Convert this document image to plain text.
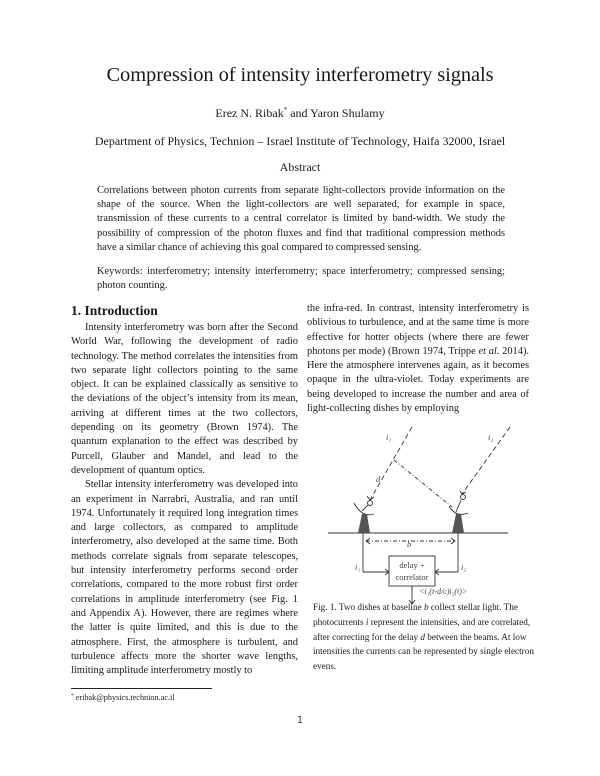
Compression of intensity interferometry signals
Erez N. Ribak* and Yaron Shulamy
Department of Physics, Technion – Israel Institute of Technology, Haifa 32000, Israel
Abstract
Correlations between photon currents from separate light-collectors provide information on the shape of the source. When the light-collectors are well separated, for example in space, transmission of these currents to a central correlator is limited by band-width. We study the possibility of compression of the photon fluxes and find that traditional compression methods have a similar chance of achieving this goal compared to compressed sensing.
Keywords: interferometry; intensity interferometry; space interferometry; compressed sensing; photon counting.
1. Introduction

Intensity interferometry was born after the Second World War, following the development of radio technology. The method correlates the intensities from two separate light collectors pointing to the same object. It can be explained classically as sensitive to the deviations of the object’s intensity from its mean, arriving at different times at the two collectors, depending on its geometry (Brown 1974). The quantum explanation to the effect was described by Purcell, Glauber and Mandel, and lead to the development of quantum optics.

Stellar intensity interferometry was developed into an experiment in Narrabri, Australia, and ran until 1974. Unfortunately it required long integration times and large collectors, as compared to amplitude interferometry, also developed at the same time. Both methods correlate signals from separate telescopes, but intensity interferometry performs second order correlations, compared to the more robust first order correlations in amplitude interferometry (see Fig. 1 and Appendix A). However, there are regimes where the latter is quite limited, and this is due to the atmosphere. First, the atmosphere is turbulent, and turbulence affects more the shorter wave lengths, limiting amplitude interferometry mostly to

the infra-red. In contrast, intensity interferometry is oblivious to turbulence, and at the same time is more effective for hotter objects (where there are fewer photons per mode) (Brown 1974, Trippe et al. 2014). Here the atmosphere intervenes again, as it becomes opaque in the ultra-violet. Today experiments are being developed to increase the number and area of light-collecting dishes by employing

i₁	i₂
d
b
i₁	i₂
delay +
correlator
<i₁(t-d/c)i₂(t)>
Fig. 1. Two dishes at baseline b collect stellar light. The photocurrents i represent the intensities, and are correlated, after correcting for the delay d between the beams. At low intensities the currents can be represented by single electron evens.
* eribak@physics.technion.ac.il
1
